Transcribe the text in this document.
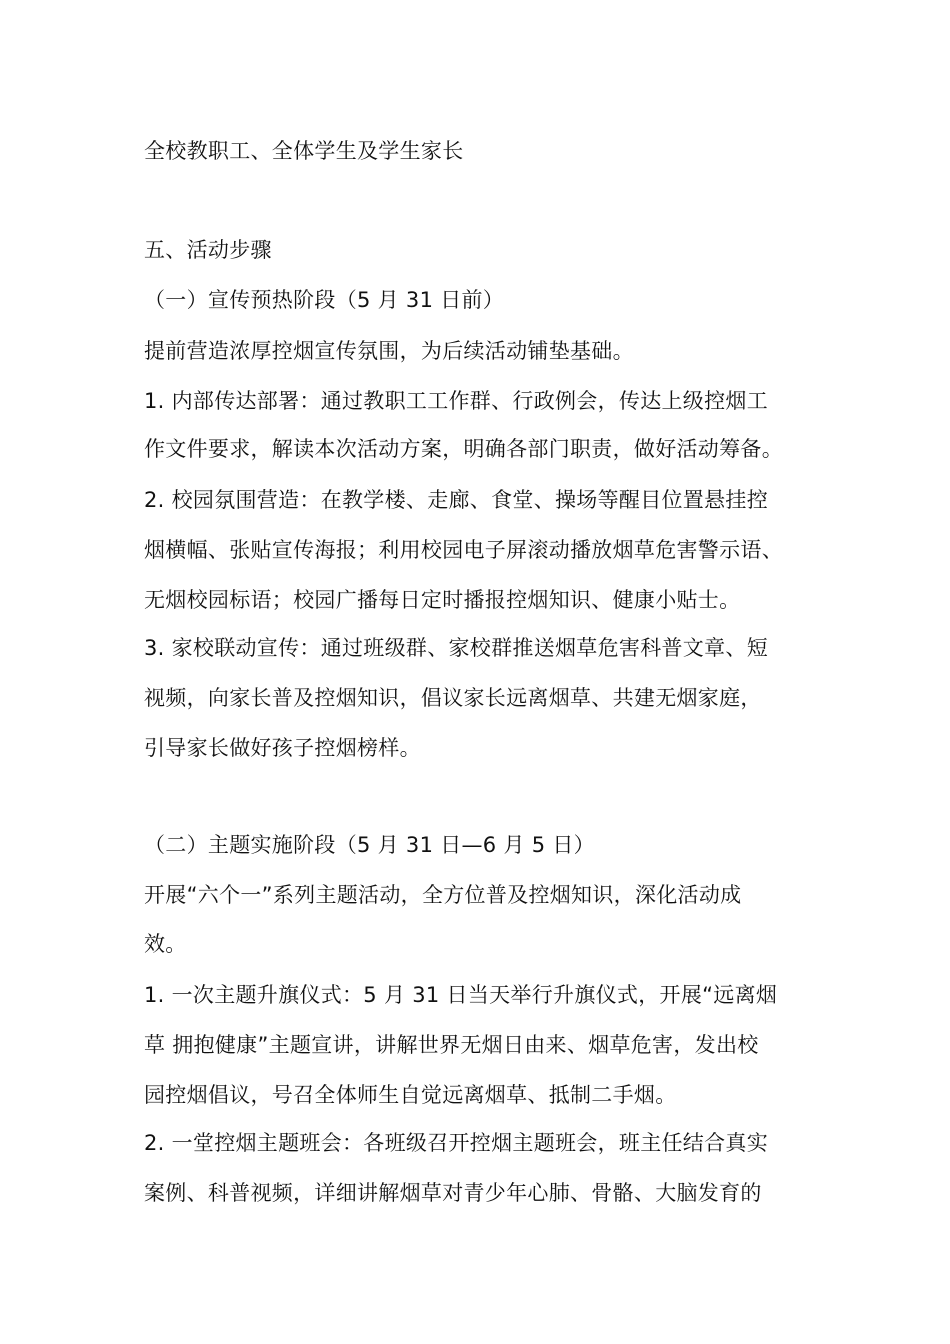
全校教职工、全体学生及学生家长
五、活动步骤
（一）宣传预热阶段（5 月 31 日前）
提前营造浓厚控烟宣传氛围，为后续活动铺垫基础。
1. 内部传达部署：通过教职工工作群、行政例会，传达上级控烟工
作文件要求，解读本次活动方案，明确各部门职责，做好活动筹备。
2. 校园氛围营造：在教学楼、走廊、食堂、操场等醒目位置悬挂控
烟横幅、张贴宣传海报；利用校园电子屏滚动播放烟草危害警示语、
无烟校园标语；校园广播每日定时播报控烟知识、健康小贴士。
3. 家校联动宣传：通过班级群、家校群推送烟草危害科普文章、短
视频，向家长普及控烟知识，倡议家长远离烟草、共建无烟家庭，
引导家长做好孩子控烟榜样。
（二）主题实施阶段（5 月 31 日—6 月 5 日）
开展“六个一”系列主题活动，全方位普及控烟知识，深化活动成
效。
1. 一次主题升旗仪式：5 月 31 日当天举行升旗仪式，开展“远离烟
草 拥抱健康”主题宣讲，讲解世界无烟日由来、烟草危害，发出校
园控烟倡议，号召全体师生自觉远离烟草、抵制二手烟。
2. 一堂控烟主题班会：各班级召开控烟主题班会，班主任结合真实
案例、科普视频，详细讲解烟草对青少年心肺、骨骼、大脑发育的
